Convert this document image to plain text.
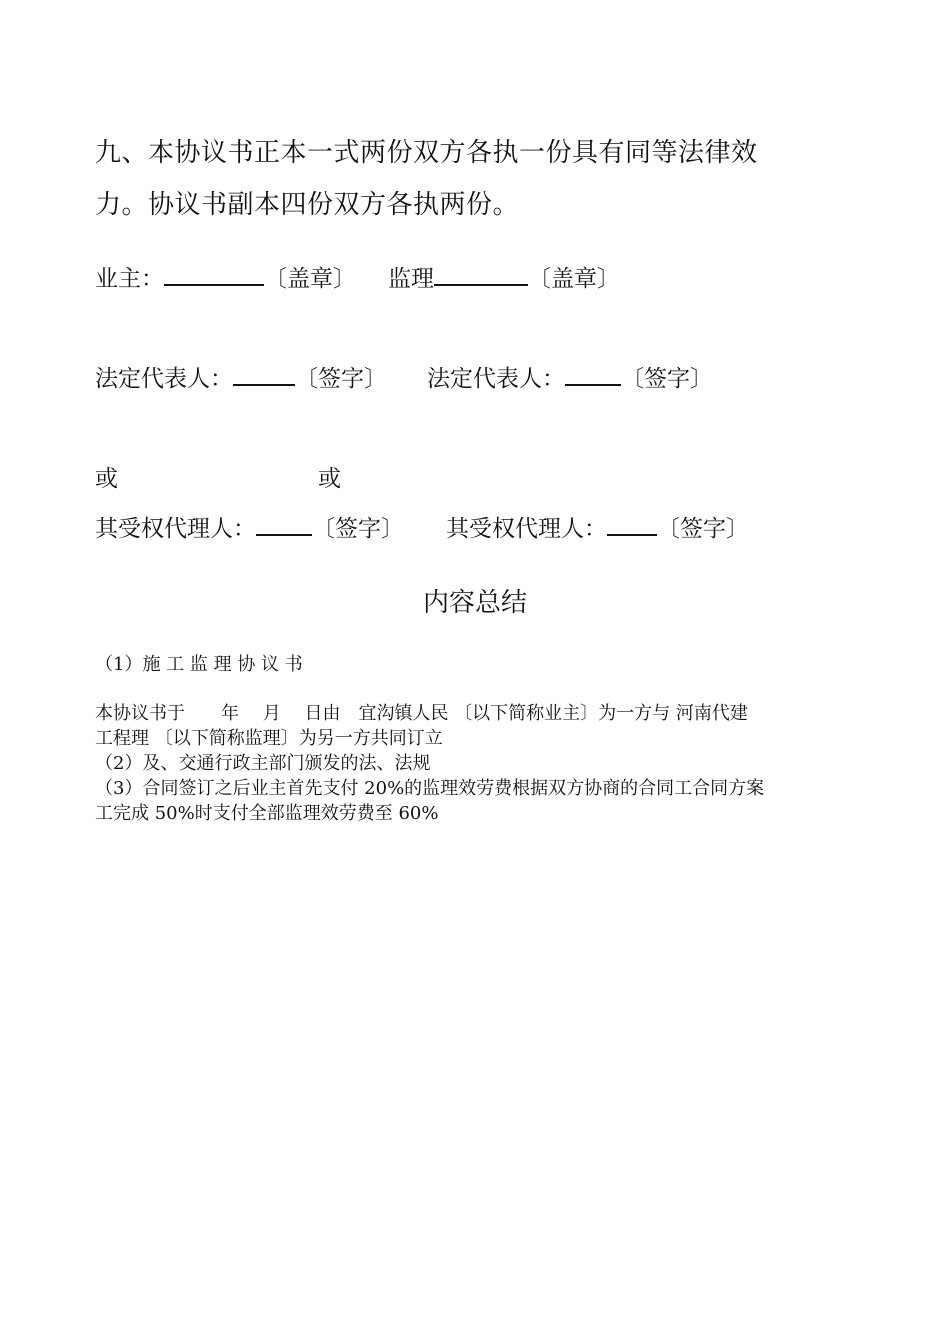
九、本协议书正本一式两份双方各执一份具有同等法律效
力。协议书副本四份双方各执两份。
业主：	〔盖章〕 监理	〔盖章〕
法定代表人：	〔签字〕 法定代表人： 〔签字〕
或	或
其受权代理人： 〔签字〕 其受权代理人： 〔签字〕
内容总结
（1）施 工 监 理 协 议 书
本协议书于　　年　 月　 日由　宜沟镇人民 〔以下简称业主〕为一方与 河南代建
工程理 〔以下简称监理〕为另一方共同订立
（2）及、交通行政主部门颁发的法、法规
（3）合同签订之后业主首先支付 20%的监理效劳费根据双方协商的合同工合同方案
工完成 50%时支付全部监理效劳费至 60%
